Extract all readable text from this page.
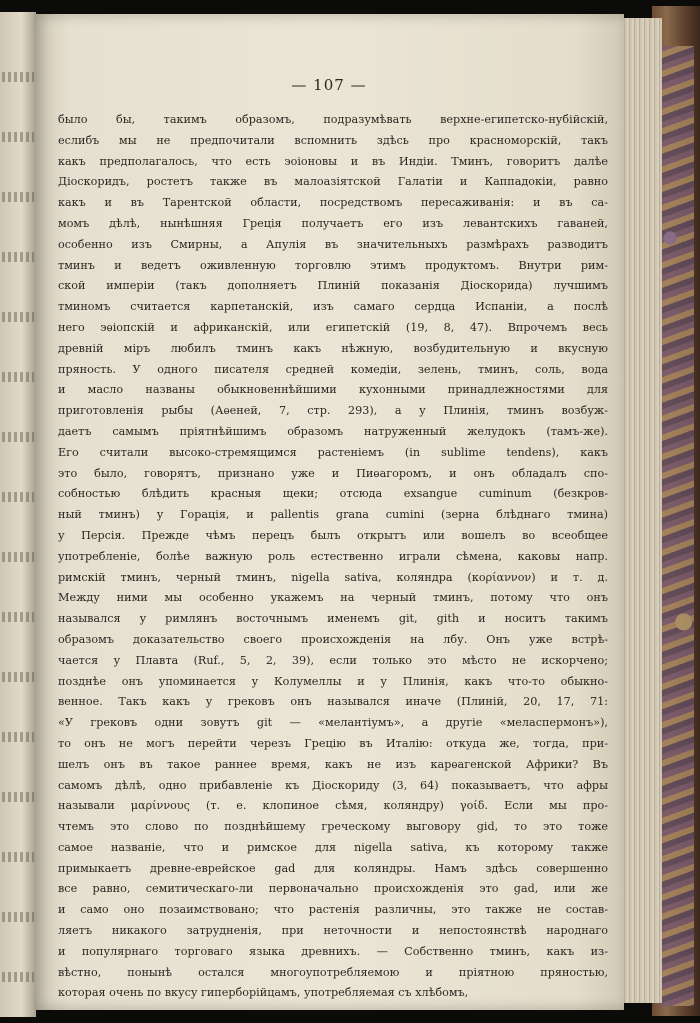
— 107 —
было бы, такимъ образомъ, подразумѣвать верхне-египетско-нубійскій,
еслибъ мы не предпочитали вспомнить здѣсь про красноморскій, такъ
какъ предполагалось, что есть эоіоновы и въ Индіи. Тминъ, говоритъ далѣе
Діоскоридъ, ростетъ также въ малоазіятской Галатіи и Каппадокіи, равно
какъ и въ Тарентской области, посредствомъ пересаживанія: и въ са-
момъ дѣлѣ, нынѣшняя Греція получаетъ его изъ левантскихъ гаваней,
особенно изъ Смирны, а Апулія въ значительныхъ размѣрахъ разводитъ
тминъ и ведетъ оживленную торговлю этимъ продуктомъ. Внутри рим-
ской имперіи (такъ дополняетъ Плиній показанія Діоскорида) лучшимъ
тминомъ считается карпетанскій, изъ самаго сердца Испаніи, а послѣ
него эѳіопскій и африканскій, или египетскій (19, 8, 47). Впрочемъ весь
древній міръ любилъ тминъ какъ нѣжную, возбудительную и вкусную
пряность. У одного писателя средней комедіи, зелень, тминъ, соль, вода
и масло названы обыкновеннѣйшими кухонными принадлежностями для
приготовленія рыбы (Аѳеней, 7, стр. 293), а у Плинія, тминъ возбуж-
даетъ самымъ пріятнѣйшимъ образомъ натруженный желудокъ (тамъ-же).
Его считали высоко-стремящимся растеніемъ (in sublime tendens), какъ
это было, говорятъ, признано уже и Пиѳагоромъ, и онъ обладалъ спо-
собностью блѣдить красныя щеки; отсюда exsangue cuminum (безкров-
ный тминъ) у Горація, и pallentis grana cumini (зерна блѣднаго тмина)
у Персія. Прежде чѣмъ перецъ былъ открытъ или вошелъ во всеобщее
употребленіе, болѣе важную роль естественно играли сѣмена, каковы напр.
римскій тминъ, черный тминъ, nigella sativa, коляндра (κορίαννον) и т. д.
Между ними мы особенно укажемъ на черный тминъ, потому что онъ
назывался у римлянъ восточнымъ именемъ git, gith и носитъ такимъ
образомъ доказательство своего происхожденія на лбу. Онъ уже встрѣ-
чается у Плавта (Ruf., 5, 2, 39), если только это мѣсто не искорчено;
позднѣе онъ упоминается у Колумеллы и у Плинія, какъ что-то обыкно-
венное. Такъ какъ у грековъ онъ назывался иначе (Плиній, 20, 17, 71:
«У грековъ одни зовутъ git — «мелантіумъ», а другіе «мелaспермонъ»),
то онъ не могъ перейти черезъ Грецію въ Италію: откуда же, тогда, при-
шелъ онъ въ такое раннее время, какъ не изъ карѳагенской Африки? Въ
самомъ дѣлѣ, одно прибавленіе къ Діоскориду (3, 64) показываетъ, что афры
называли μαρίννους (т. е. клопиное сѣмя, коляндру) γοίδ. Если мы про-
чтемъ это слово по позднѣйшему греческому выговору gid, то это тоже
самое названіе, что и римское для nigella sativa, къ которому также
примыкаетъ древне-еврейское gad для коляндры. Намъ здѣсь совершенно
все равно, семитическаго-ли первоначально происхожденія это gad, или же
и само оно позаимствовано; что растенія различны, это также не состав-
ляетъ никакого затрудненія, при неточности и непостоянствѣ народнаго
и популярнаго торговаго языка древнихъ. — Собственно тминъ, какъ из-
вѣстно, понынѣ остался многоупотребляемою и пріятною пряностью,
которая очень по вкусу гиперборійцамъ, употребляемая съ хлѣбомъ,
